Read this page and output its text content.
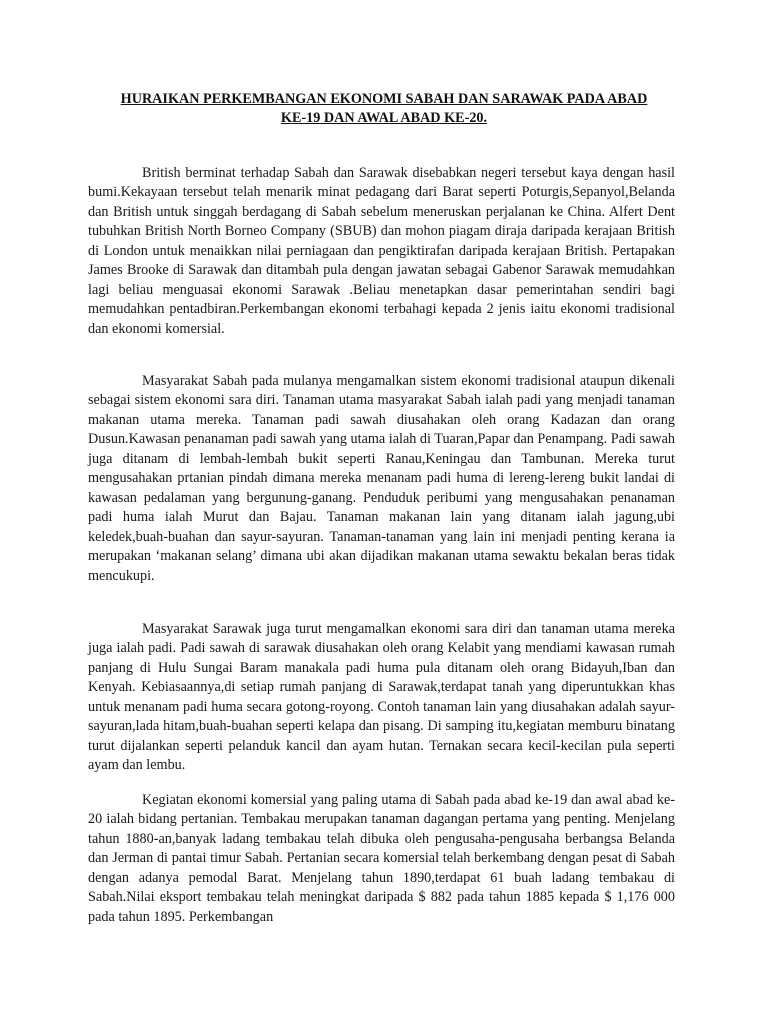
HURAIKAN PERKEMBANGAN EKONOMI SABAH DAN SARAWAK PADA ABAD
KE-19 DAN AWAL ABAD KE-20.

British berminat terhadap Sabah dan Sarawak disebabkan negeri tersebut kaya dengan hasil bumi.Kekayaan tersebut telah menarik minat pedagang dari Barat seperti Poturgis,Sepanyol,Belanda dan British untuk singgah berdagang di Sabah sebelum meneruskan perjalanan ke China. Alfert Dent tubuhkan British North Borneo Company (SBUB) dan mohon piagam diraja daripada kerajaan British di London untuk menaikkan nilai perniagaan dan pengiktirafan daripada kerajaan British. Pertapakan James Brooke di Sarawak dan ditambah pula dengan jawatan sebagai Gabenor Sarawak memudahkan lagi beliau menguasai ekonomi Sarawak .Beliau menetapkan dasar pemerintahan sendiri bagi memudahkan pentadbiran.Perkembangan ekonomi terbahagi kepada 2 jenis iaitu ekonomi tradisional dan ekonomi komersial.

Masyarakat Sabah pada mulanya mengamalkan sistem ekonomi tradisional ataupun dikenali sebagai sistem ekonomi sara diri. Tanaman utama masyarakat Sabah ialah padi yang menjadi tanaman makanan utama mereka. Tanaman padi sawah diusahakan oleh orang Kadazan dan orang Dusun.Kawasan penanaman padi sawah yang utama ialah di Tuaran,Papar dan Penampang. Padi sawah juga ditanam di lembah-lembah bukit seperti Ranau,Keningau dan Tambunan. Mereka turut mengusahakan prtanian pindah dimana mereka menanam padi huma di lereng-lereng bukit landai di kawasan pedalaman yang bergunung-ganang. Penduduk peribumi yang mengusahakan penanaman padi huma ialah Murut dan Bajau. Tanaman makanan lain yang ditanam ialah jagung,ubi keledek,buah-buahan dan sayur-sayuran. Tanaman-tanaman yang lain ini menjadi penting kerana ia merupakan ‘makanan selang’ dimana ubi akan dijadikan makanan utama sewaktu bekalan beras tidak mencukupi.

Masyarakat Sarawak juga turut mengamalkan ekonomi sara diri dan tanaman utama mereka juga ialah padi. Padi sawah di sarawak diusahakan oleh orang Kelabit yang mendiami kawasan rumah panjang di Hulu Sungai Baram manakala padi huma pula ditanam oleh orang Bidayuh,Iban dan Kenyah. Kebiasaannya,di setiap rumah panjang di Sarawak,terdapat tanah yang diperuntukkan khas untuk menanam padi huma secara gotong-royong. Contoh tanaman lain yang diusahakan adalah sayur-sayuran,lada hitam,buah-buahan seperti kelapa dan pisang. Di samping itu,kegiatan memburu binatang turut dijalankan seperti pelanduk kancil dan ayam hutan. Ternakan secara kecil-kecilan pula seperti ayam dan lembu.

Kegiatan ekonomi komersial yang paling utama di Sabah pada abad ke-19 dan awal abad ke-20 ialah bidang pertanian. Tembakau merupakan tanaman dagangan pertama yang penting. Menjelang tahun 1880-an,banyak ladang tembakau telah dibuka oleh pengusaha-pengusaha berbangsa Belanda dan Jerman di pantai timur Sabah. Pertanian secara komersial telah berkembang dengan pesat di Sabah dengan adanya pemodal Barat. Menjelang tahun 1890,terdapat 61 buah ladang tembakau di Sabah.Nilai eksport tembakau telah meningkat daripada $ 882 pada tahun 1885 kepada $ 1,176 000 pada tahun 1895. Perkembangan
